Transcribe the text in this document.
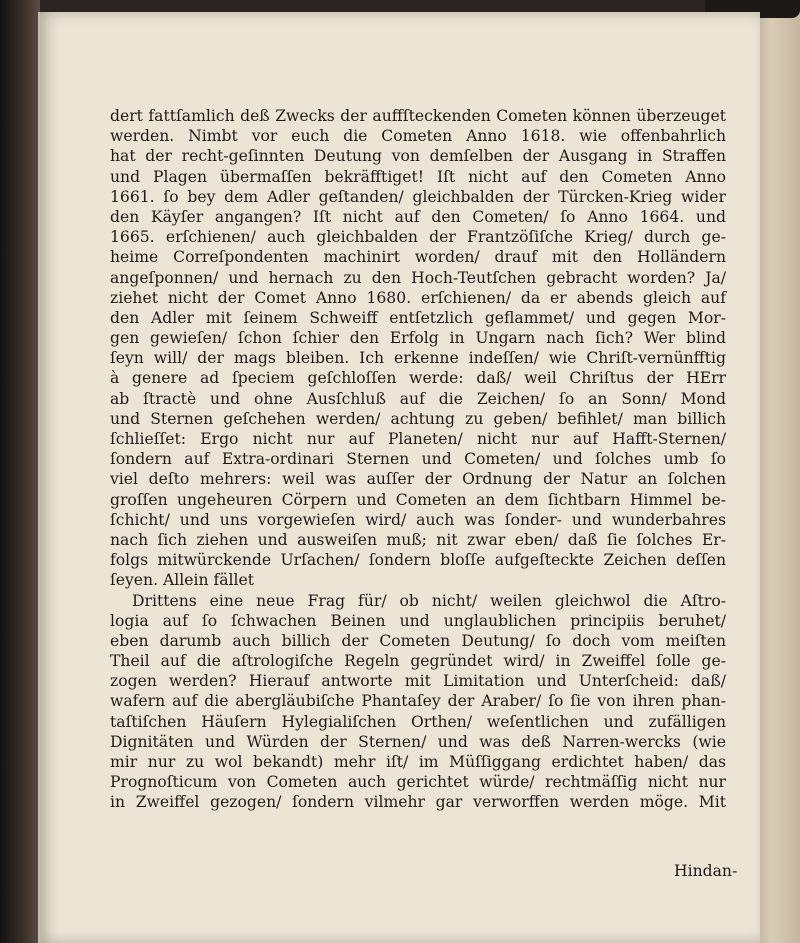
dert fattſamlich deß Zwecks der auffſteckenden Cometen können überzeuget
werden. Nimbt vor euch die Cometen Anno 1618. wie offenbahrlich
hat der recht-geſinnten Deutung von demſelben der Ausgang in Straffen
und Plagen übermaſſen bekräfftiget! Iſt nicht auf den Cometen Anno
1661. ſo bey dem Adler geſtanden/ gleichbalden der Türcken-Krieg wider
den Käyſer angangen? Iſt nicht auf den Cometen/ ſo Anno 1664. und
1665. erſchienen/ auch gleichbalden der Frantzöſiſche Krieg/ durch ge-
heime Correſpondenten machinirt worden/ drauf mit den Holländern
angeſponnen/ und hernach zu den Hoch-Teutſchen gebracht worden? Ja/
ziehet nicht der Comet Anno 1680. erſchienen/ da er abends gleich auf
den Adler mit ſeinem Schweiff entſetzlich geflammet/ und gegen Mor-
gen gewieſen/ ſchon ſchier den Erfolg in Ungarn nach ſich? Wer blind
ſeyn will/ der mags bleiben. Ich erkenne indeſſen/ wie Chriſt-vernünfftig
à genere ad ſpeciem geſchloſſen werde: daß/ weil Chriſtus der HErr
ab ſtractè und ohne Ausſchluß auf die Zeichen/ ſo an Sonn/ Mond
und Sternen geſchehen werden/ achtung zu geben/ befihlet/ man billich
ſchlieſſet: Ergo nicht nur auf Planeten/ nicht nur auf Hafft-Sternen/
ſondern auf Extra-ordinari Sternen und Cometen/ und ſolches umb ſo
viel deſto mehrers: weil was auſſer der Ordnung der Natur an ſolchen
groſſen ungeheuren Cörpern und Cometen an dem ſichtbarn Himmel be-
ſchicht/ und uns vorgewieſen wird/ auch was ſonder- und wunderbahres
nach ſich ziehen und ausweiſen muß; nit zwar eben/ daß ſie ſolches Er-
folgs mitwürckende Urſachen/ ſondern bloſſe aufgeſteckte Zeichen deſſen
ſeyen. Allein fället
Drittens eine neue Frag für/ ob nicht/ weilen gleichwol die Aſtro-
logia auf ſo ſchwachen Beinen und unglaublichen principiis beruhet/
eben darumb auch billich der Cometen Deutung/ ſo doch vom meiſten
Theil auf die aſtrologiſche Regeln gegründet wird/ in Zweiffel ſolle ge-
zogen werden? Hierauf antworte mit Limitation und Unterſcheid: daß/
wafern auf die abergläubiſche Phantaſey der Araber/ ſo ſie von ihren phan-
taſtiſchen Häuſern Hylegialiſchen Orthen/ weſentlichen und zufälligen
Dignitäten und Würden der Sternen/ und was deß Narren-wercks (wie
mir nur zu wol bekandt) mehr iſt/ im Müſſiggang erdichtet haben/ das
Prognoſticum von Cometen auch gerichtet würde/ rechtmäſſig nicht nur
in Zweiffel gezogen/ ſondern vilmehr gar verworffen werden möge. Mit
Hindan-
